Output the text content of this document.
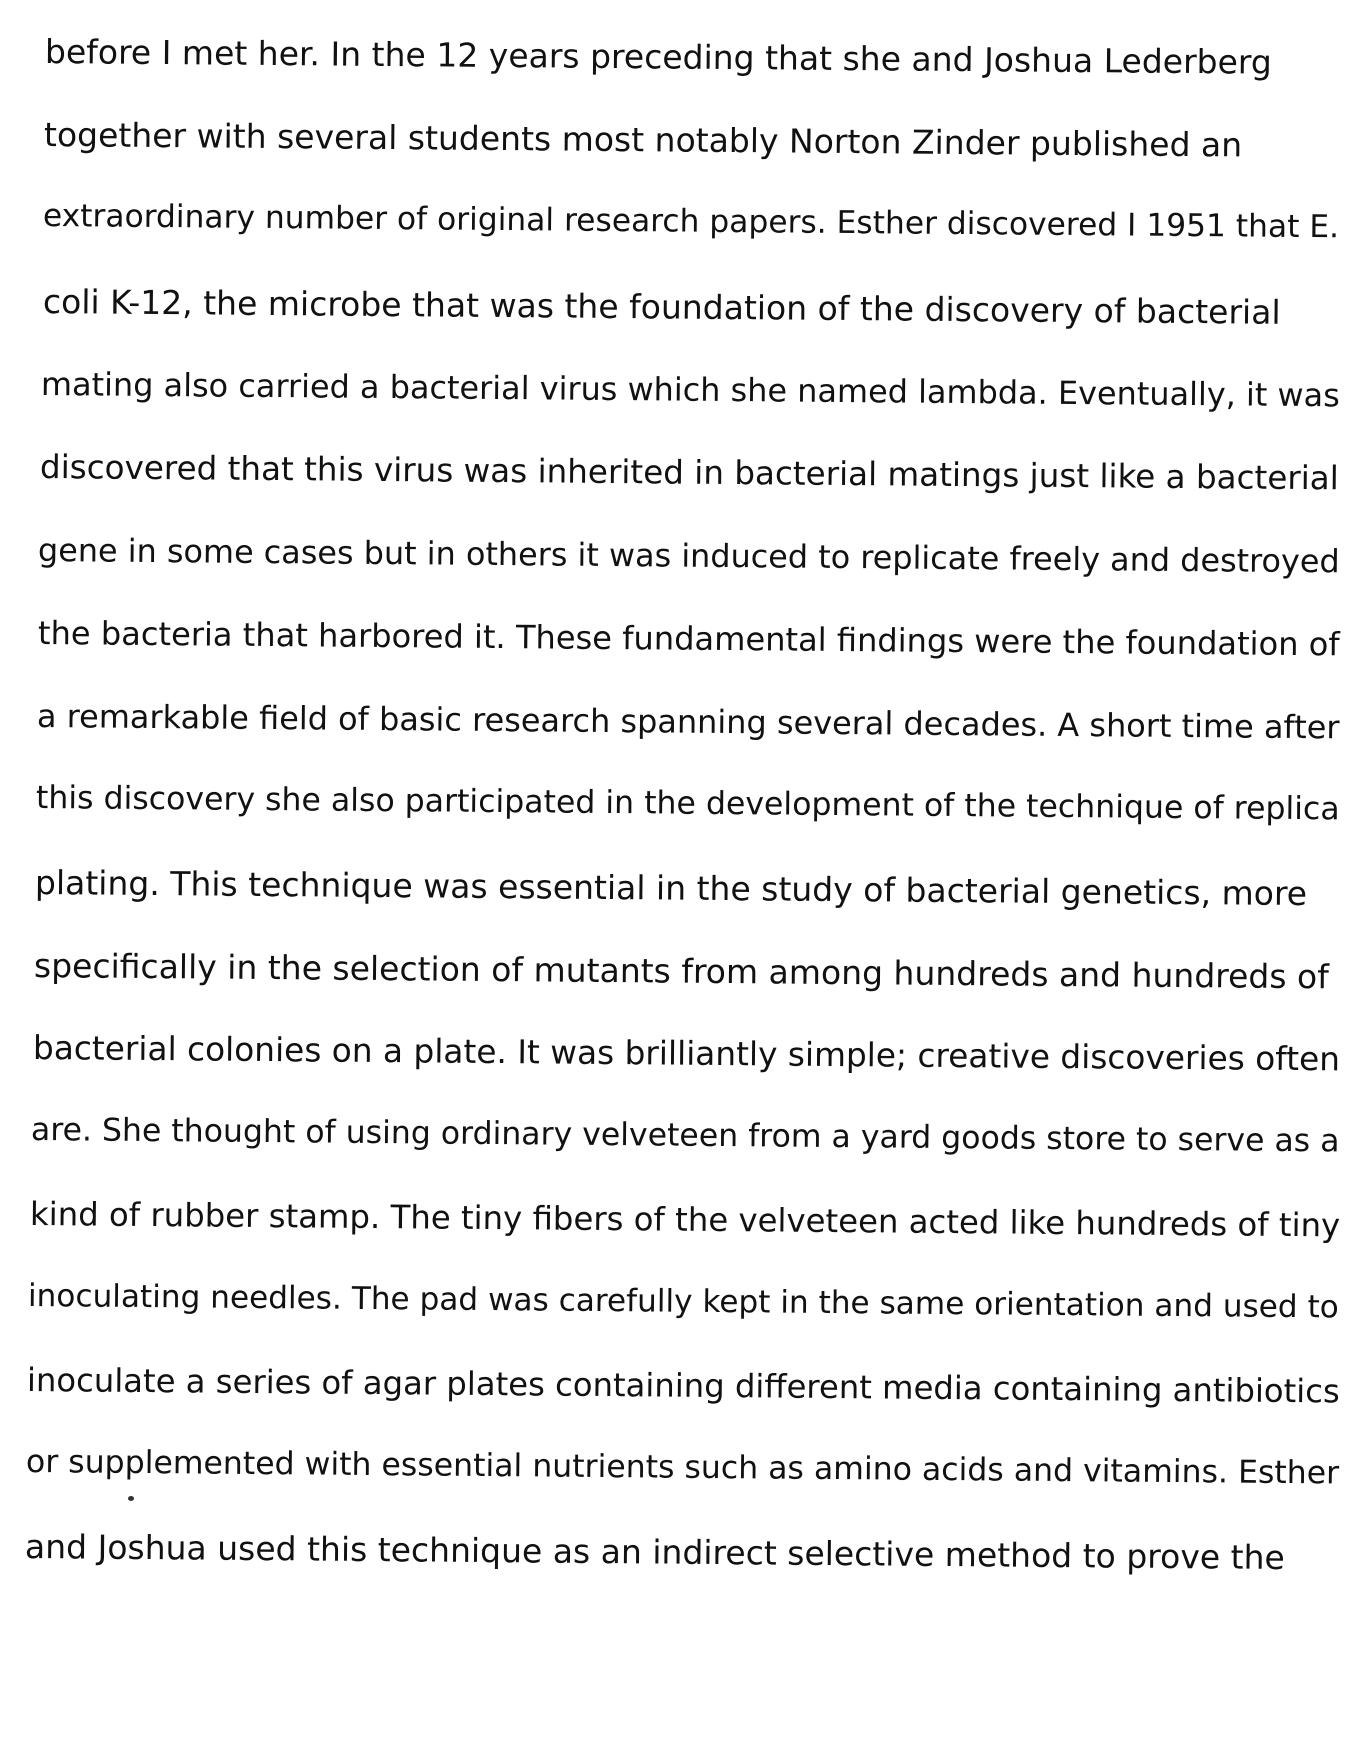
before I met her. In the 12 years preceding that she and Joshua Lederberg
together with several students most notably Norton Zinder published an
extraordinary number of original research papers. Esther discovered I 1951 that E.
coli K-12, the microbe that was the foundation of the discovery of bacterial
mating also carried a bacterial virus which she named lambda. Eventually, it was
discovered that this virus was inherited in bacterial matings just like a bacterial
gene in some cases but in others it was induced to replicate freely and destroyed
the bacteria that harbored it. These fundamental findings were the foundation of
a remarkable field of basic research spanning several decades. A short time after
this discovery she also participated in the development of the technique of replica
plating. This technique was essential in the study of bacterial genetics, more
specifically in the selection of mutants from among hundreds and hundreds of
bacterial colonies on a plate. It was brilliantly simple; creative discoveries often
are. She thought of using ordinary velveteen from a yard goods store to serve as a
kind of rubber stamp. The tiny fibers of the velveteen acted like hundreds of tiny
inoculating needles. The pad was carefully kept in the same orientation and used to
inoculate a series of agar plates containing different media containing antibiotics
or supplemented with essential nutrients such as amino acids and vitamins. Esther
and Joshua used this technique as an indirect selective method to prove the
